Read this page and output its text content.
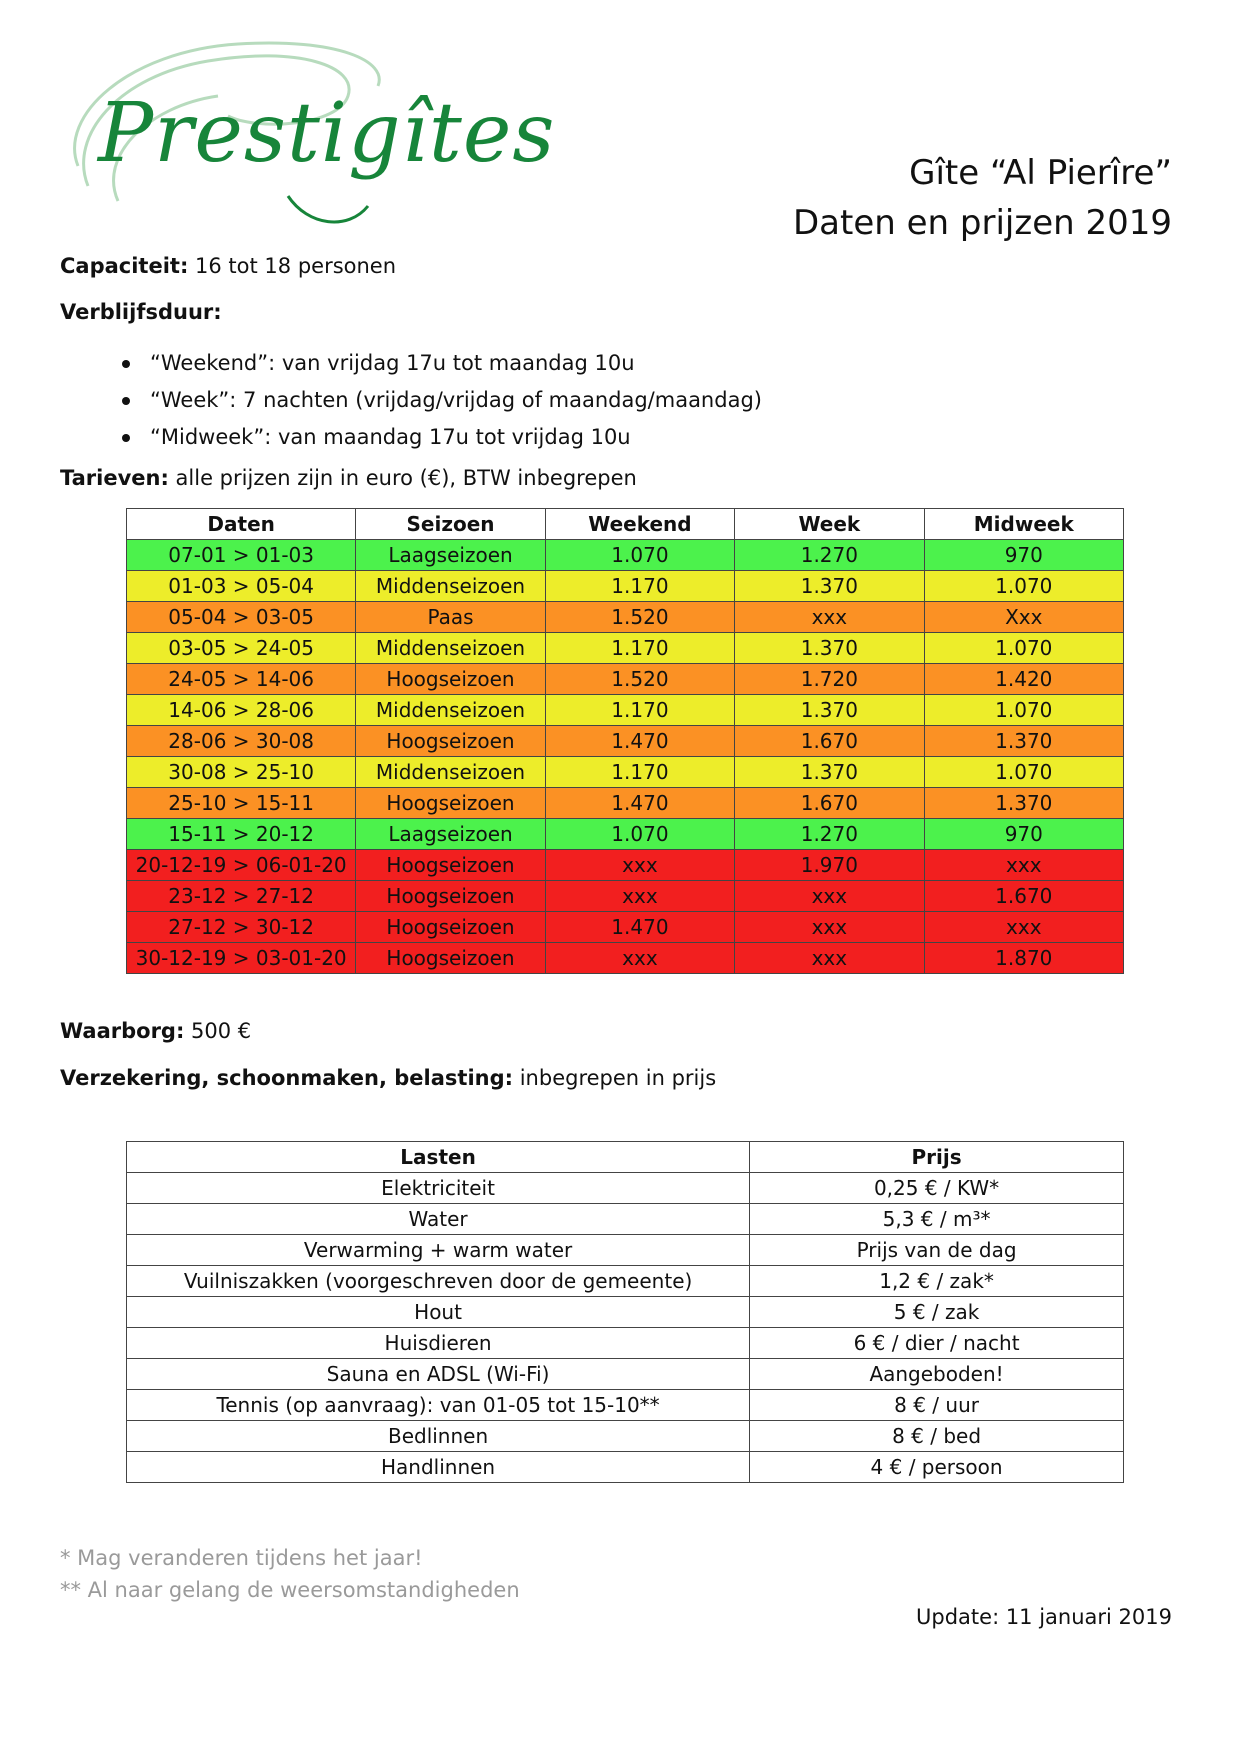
Prestigîtes	Gîte “Al Pierîre”
Daten en prijzen 2019
Capaciteit: 16 tot 18 personen
Verblijfsduur:
“Weekend”: van vrijdag 17u tot maandag 10u
“Week”: 7 nachten (vrijdag/vrijdag of maandag/maandag)
“Midweek”: van maandag 17u tot vrijdag 10u
Tarieven: alle prijzen zijn in euro (€), BTW inbegrepen
Daten	Seizoen	Weekend	Week	Midweek
07-01 > 01-03	Laagseizoen	1.070	1.270	970
01-03 > 05-04	Middenseizoen	1.170	1.370	1.070
05-04 > 03-05	Paas	1.520	xxx	Xxx
03-05 > 24-05	Middenseizoen	1.170	1.370	1.070
24-05 > 14-06	Hoogseizoen	1.520	1.720	1.420
14-06 > 28-06	Middenseizoen	1.170	1.370	1.070
28-06 > 30-08	Hoogseizoen	1.470	1.670	1.370
30-08 > 25-10	Middenseizoen	1.170	1.370	1.070
25-10 > 15-11	Hoogseizoen	1.470	1.670	1.370
15-11 > 20-12	Laagseizoen	1.070	1.270	970
20-12-19 > 06-01-20	Hoogseizoen	xxx	1.970	xxx
23-12 > 27-12	Hoogseizoen	xxx	xxx	1.670
27-12 > 30-12	Hoogseizoen	1.470	xxx	xxx
30-12-19 > 03-01-20	Hoogseizoen	xxx	xxx	1.870
Waarborg: 500 €
Verzekering, schoonmaken, belasting: inbegrepen in prijs
Lasten	Prijs
Elektriciteit	0,25 € / KW*
Water	5,3 € / m³*
Verwarming + warm water	Prijs van de dag
Vuilniszakken (voorgeschreven door de gemeente)	1,2 € / zak*
Hout	5 € / zak
Huisdieren	6 € / dier / nacht
Sauna en ADSL (Wi-Fi)	Aangeboden!
Tennis (op aanvraag): van 01-05 tot 15-10**	8 € / uur
Bedlinnen	8 € / bed
Handlinnen	4 € / persoon
* Mag veranderen tijdens het jaar!
** Al naar gelang de weersomstandigheden
Update: 11 januari 2019
